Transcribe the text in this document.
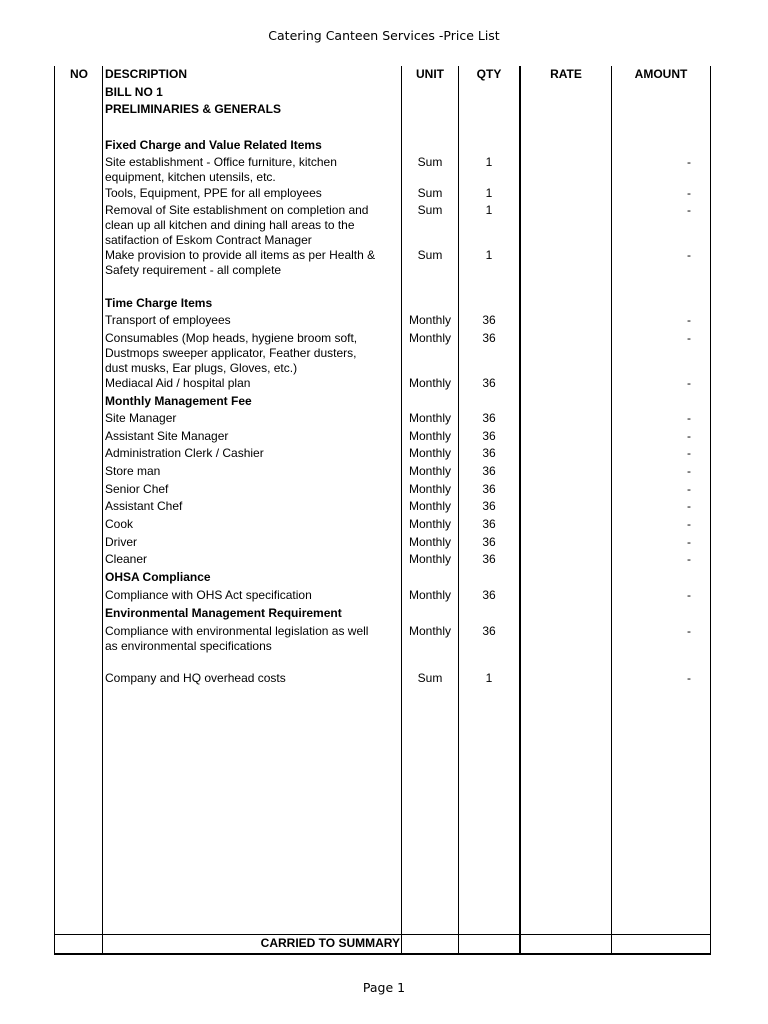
Catering Canteen Services -Price List
NO	DESCRIPTION	UNIT	QTY	RATE	AMOUNT
BILL NO 1
PRELIMINARIES & GENERALS
Fixed Charge and Value Related Items
Site establishment - Office furniture, kitchen
equipment, kitchen utensils, etc.
Sum	1	-
Tools, Equipment, PPE for all employees	Sum	1	-
Removal of Site establishment on completion and
clean up all kitchen and dining hall areas to the
satifaction of Eskom Contract Manager
Sum	1	-
Make provision to provide all items as per Health &
Safety requirement - all complete
Sum	1	-
Time Charge Items
Transport of employees	Monthly	36	-
Consumables (Mop heads, hygiene broom soft,
Dustmops sweeper applicator, Feather dusters,
dust musks, Ear plugs, Gloves, etc.)
Monthly	36	-
Mediacal Aid / hospital plan	Monthly	36	-
Monthly Management Fee
Site Manager	Monthly	36	-
Assistant Site Manager	Monthly	36	-
Administration Clerk / Cashier	Monthly	36	-
Store man	Monthly	36	-
Senior Chef	Monthly	36	-
Assistant Chef	Monthly	36	-
Cook	Monthly	36	-
Driver	Monthly	36	-
Cleaner	Monthly	36	-
OHSA Compliance
Compliance with OHS Act specification	Monthly	36	-
Environmental Management Requirement
Compliance with environmental legislation as well
as environmental specifications
Monthly	36	-
Company and HQ overhead costs	Sum	1	-
CARRIED TO SUMMARY
Page 1
